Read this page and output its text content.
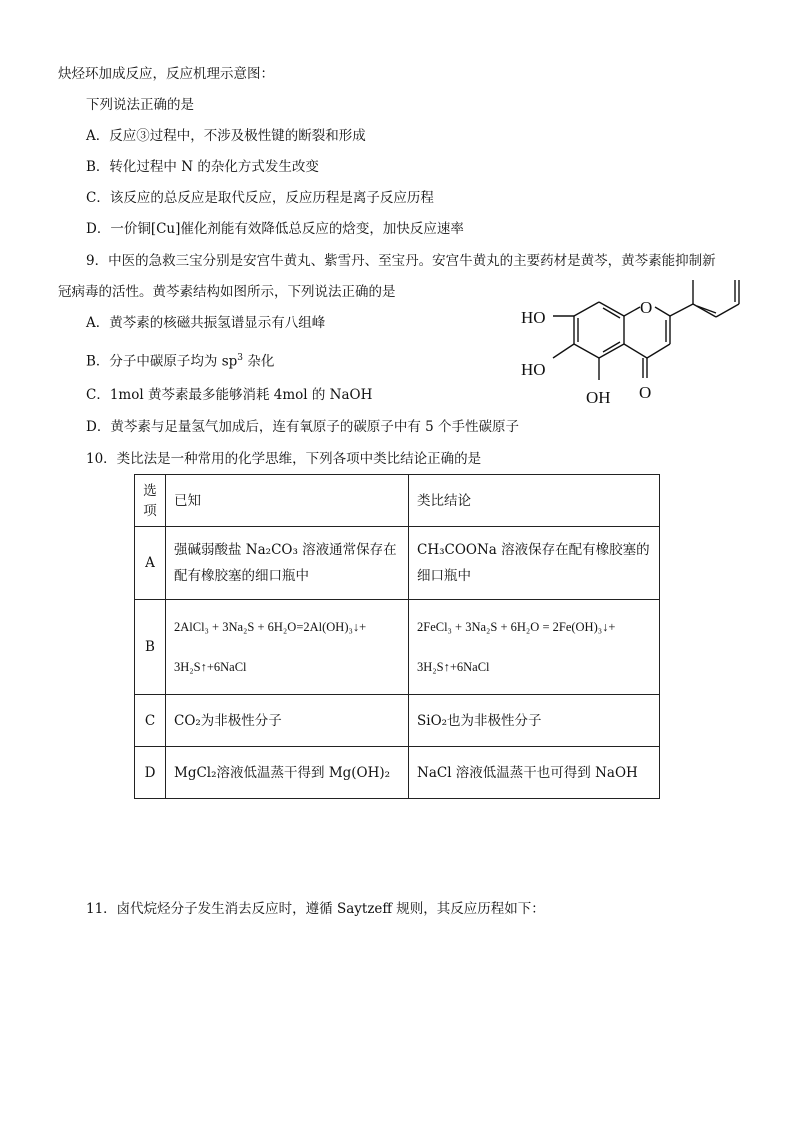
炔烃环加成反应，反应机理示意图：
下列说法正确的是
A．反应③过程中，不涉及极性键的断裂和形成
B．转化过程中 N 的杂化方式发生改变
C．该反应的总反应是取代反应，反应历程是离子反应历程
D．一价铜[Cu]催化剂能有效降低总反应的焓变，加快反应速率
9．中医的急救三宝分别是安宫牛黄丸、紫雪丹、至宝丹。安宫牛黄丸的主要药材是黄芩，黄芩素能抑制新
冠病毒的活性。黄芩素结构如图所示，下列说法正确的是
A．黄芩素的核磁共振氢谱显示有八组峰
B．分子中碳原子均为 $sp^3$ 杂化
C．1mol 黄芩素最多能够消耗 4mol 的 NaOH
D．黄芩素与足量氢气加成后，连有氧原子的碳原子中有 5 个手性碳原子
HO
HO
OH
O
O
10．类比法是一种常用的化学思维，下列各项中类比结论正确的是
选项	已知	类比结论
A	强碱弱酸盐 Na₂CO₃ 溶液通常保存在配有橡胶塞的细口瓶中	CH₃COONa 溶液保存在配有橡胶塞的细口瓶中
B	2AlCl₃ + 3Na₂S + 6H₂O=2Al(OH)₃↓+ 3H₂S↑+6NaCl	2FeCl₃ + 3Na₂S + 6H₂O = 2Fe(OH)₃↓+ 3H₂S↑+6NaCl
C	CO₂为非极性分子	SiO₂也为非极性分子
D	MgCl₂溶液低温蒸干得到 Mg(OH)₂	NaCl 溶液低温蒸干也可得到 NaOH
11．卤代烷烃分子发生消去反应时，遵循 Saytzeff 规则，其反应历程如下：
